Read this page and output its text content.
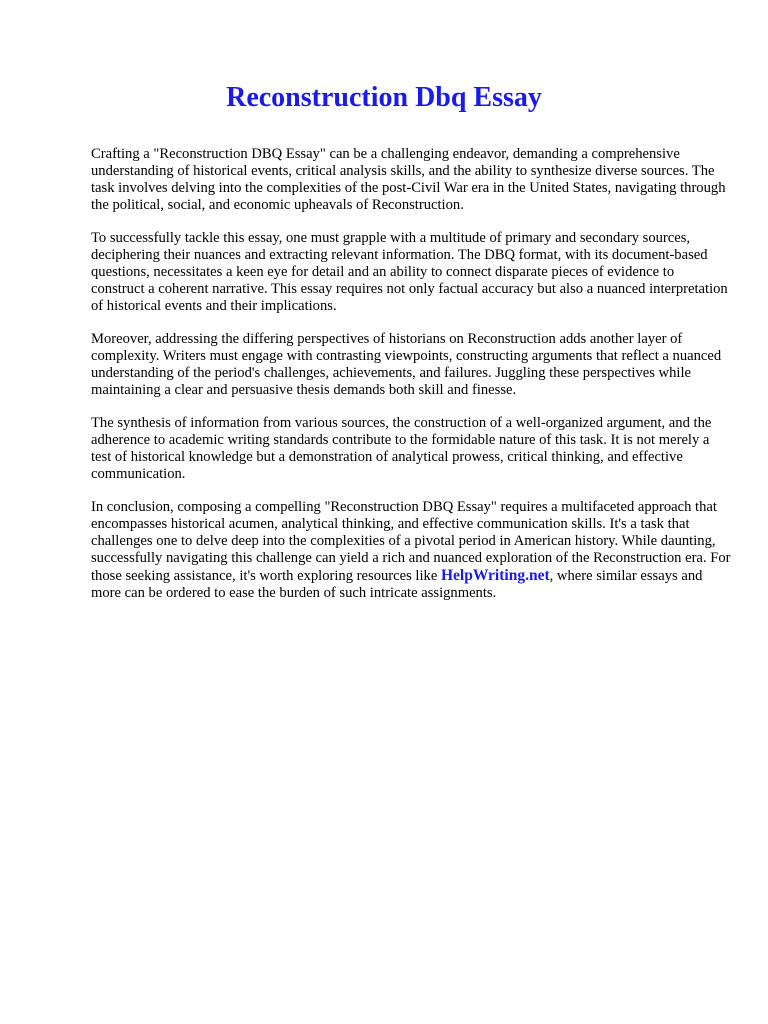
Reconstruction Dbq Essay

Crafting a "Reconstruction DBQ Essay" can be a challenging endeavor, demanding a comprehensive understanding of historical events, critical analysis skills, and the ability to synthesize diverse sources. The task involves delving into the complexities of the post-Civil War era in the United States, navigating through the political, social, and economic upheavals of Reconstruction.

To successfully tackle this essay, one must grapple with a multitude of primary and secondary sources, deciphering their nuances and extracting relevant information. The DBQ format, with its document-based questions, necessitates a keen eye for detail and an ability to connect disparate pieces of evidence to construct a coherent narrative. This essay requires not only factual accuracy but also a nuanced interpretation of historical events and their implications.

Moreover, addressing the differing perspectives of historians on Reconstruction adds another layer of complexity. Writers must engage with contrasting viewpoints, constructing arguments that reflect a nuanced understanding of the period's challenges, achievements, and failures. Juggling these perspectives while maintaining a clear and persuasive thesis demands both skill and finesse.

The synthesis of information from various sources, the construction of a well-organized argument, and the adherence to academic writing standards contribute to the formidable nature of this task. It is not merely a test of historical knowledge but a demonstration of analytical prowess, critical thinking, and effective communication.

In conclusion, composing a compelling "Reconstruction DBQ Essay" requires a multifaceted approach that encompasses historical acumen, analytical thinking, and effective communication skills. It's a task that challenges one to delve deep into the complexities of a pivotal period in American history. While daunting, successfully navigating this challenge can yield a rich and nuanced exploration of the Reconstruction era. For those seeking assistance, it's worth exploring resources like HelpWriting.net, where similar essays and more can be ordered to ease the burden of such intricate assignments.
